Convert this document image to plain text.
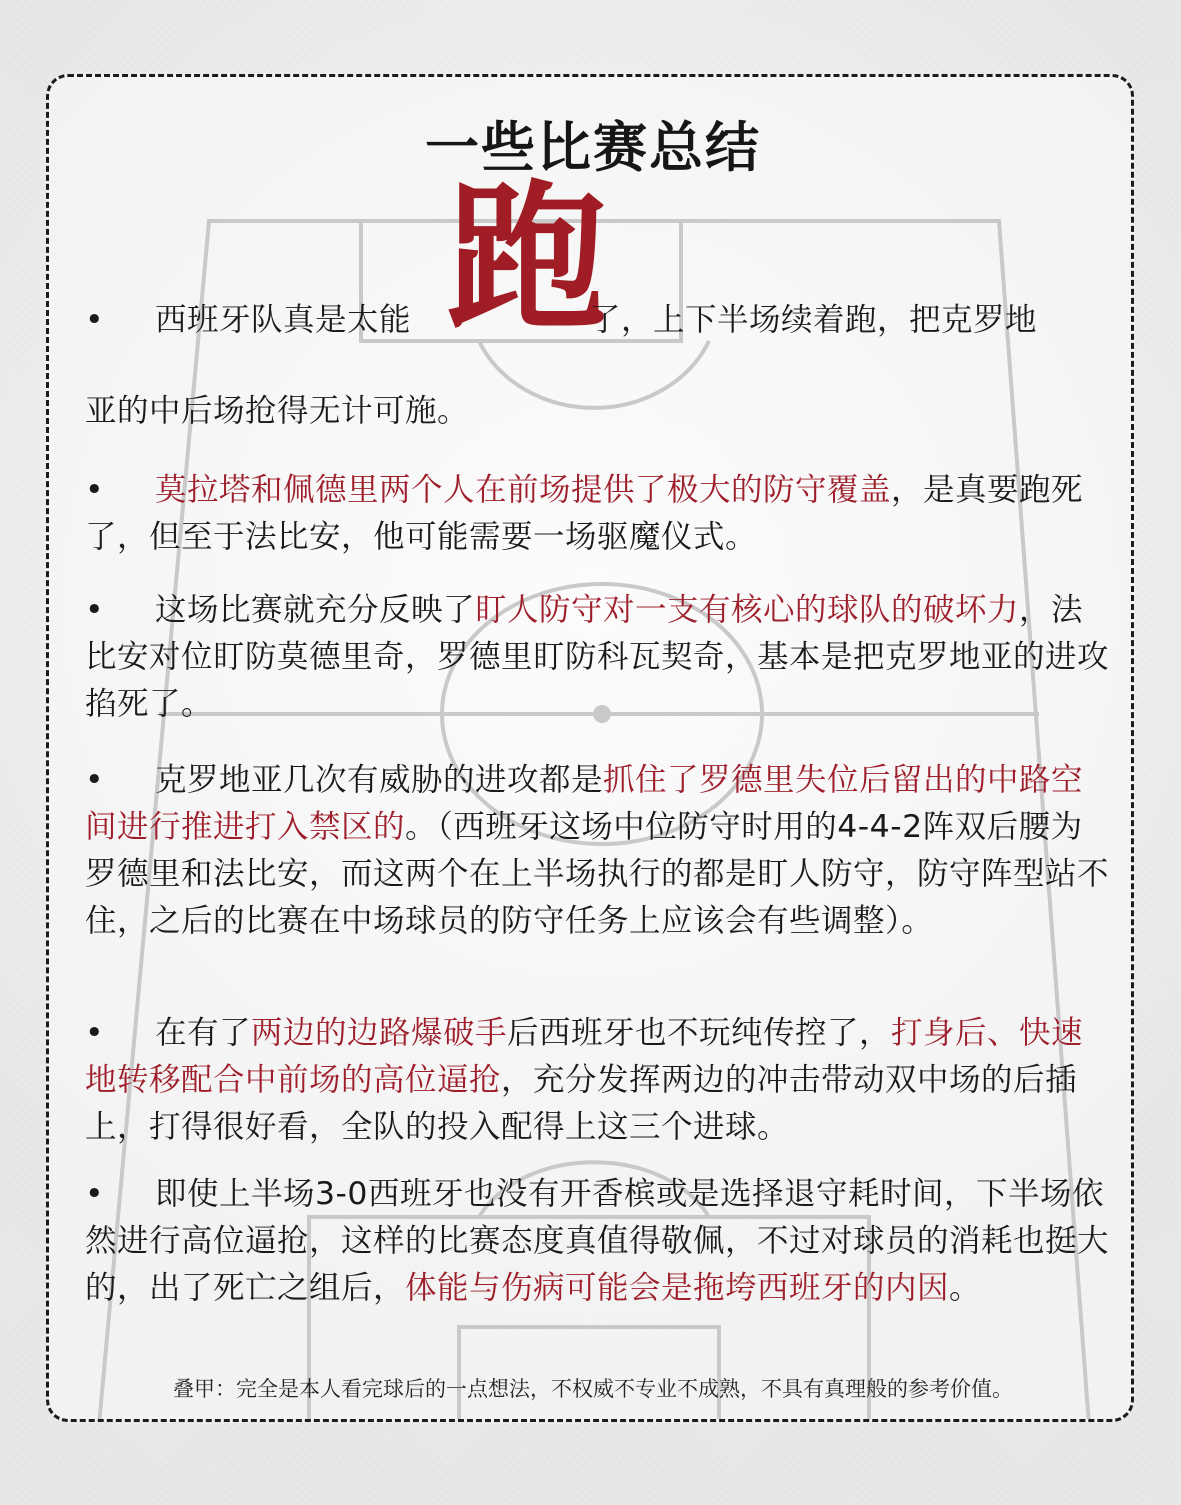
一些比赛总结
跑
•	西班牙队真是太能	了，上下半场续着跑，把克罗地
亚的中后场抢得无计可施。
• 莫拉塔和佩德里两个人在前场提供了极大的防守覆盖，是真要跑死了，但至于法比安，他可能需要一场驱魔仪式。
• 这场比赛就充分反映了盯人防守对一支有核心的球队的破坏力，法比安对位盯防莫德里奇，罗德里盯防科瓦契奇，基本是把克罗地亚的进攻掐死了。
• 克罗地亚几次有威胁的进攻都是抓住了罗德里失位后留出的中路空间进行推进打入禁区的。（西班牙这场中位防守时用的4-4-2阵双后腰为罗德里和法比安，而这两个在上半场执行的都是盯人防守，防守阵型站不住，之后的比赛在中场球员的防守任务上应该会有些调整）。
• 在有了两边的边路爆破手后西班牙也不玩纯传控了，打身后、快速地转移配合中前场的高位逼抢，充分发挥两边的冲击带动双中场的后插上，打得很好看，全队的投入配得上这三个进球。
• 即使上半场3-0西班牙也没有开香槟或是选择退守耗时间，下半场依然进行高位逼抢，这样的比赛态度真值得敬佩，不过对球员的消耗也挺大的，出了死亡之组后，体能与伤病可能会是拖垮西班牙的内因。
叠甲：完全是本人看完球后的一点想法，不权威不专业不成熟，不具有真理般的参考价值。
